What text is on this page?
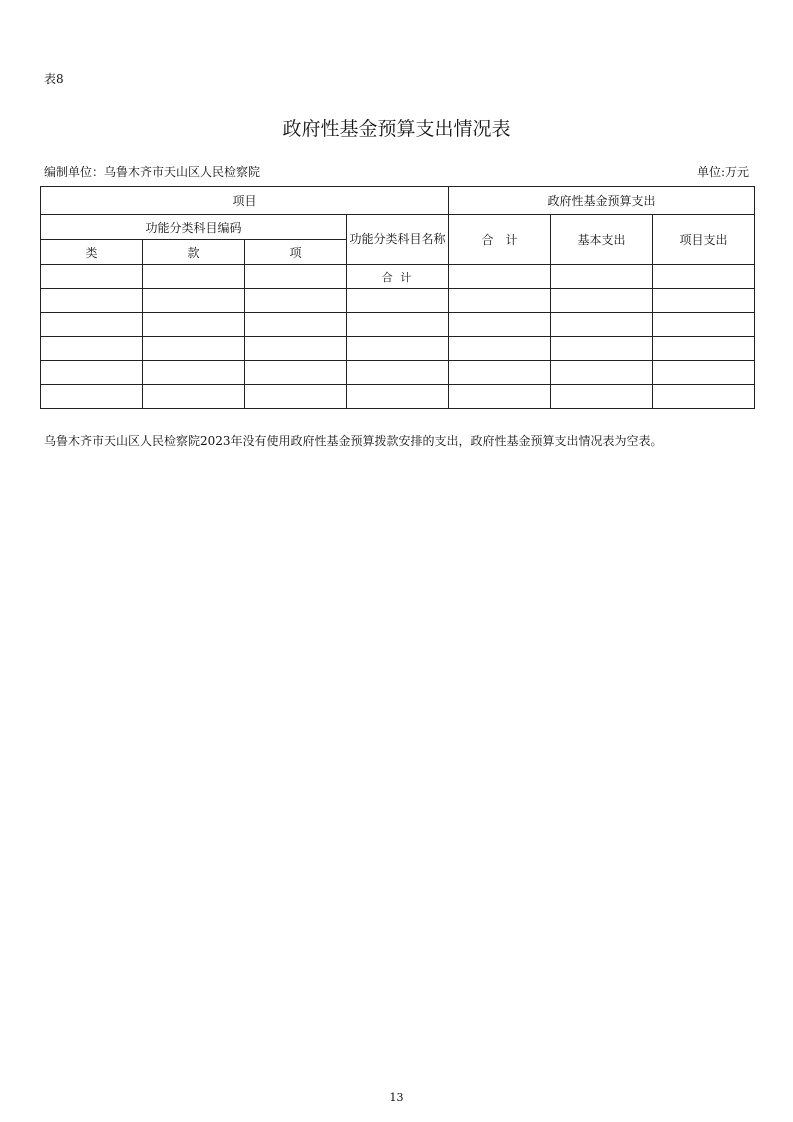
表8
政府性基金预算支出情况表
编制单位：乌鲁木齐市天山区人民检察院	单位:万元
项目				政府性基金预算支出		
功能分类科目编码			功能分类科目名称	合　计	基本支出	项目支出
类	款	项				
			合 计			

乌鲁木齐市天山区人民检察院2023年没有使用政府性基金预算拨款安排的支出，政府性基金预算支出情况表为空表。
13
